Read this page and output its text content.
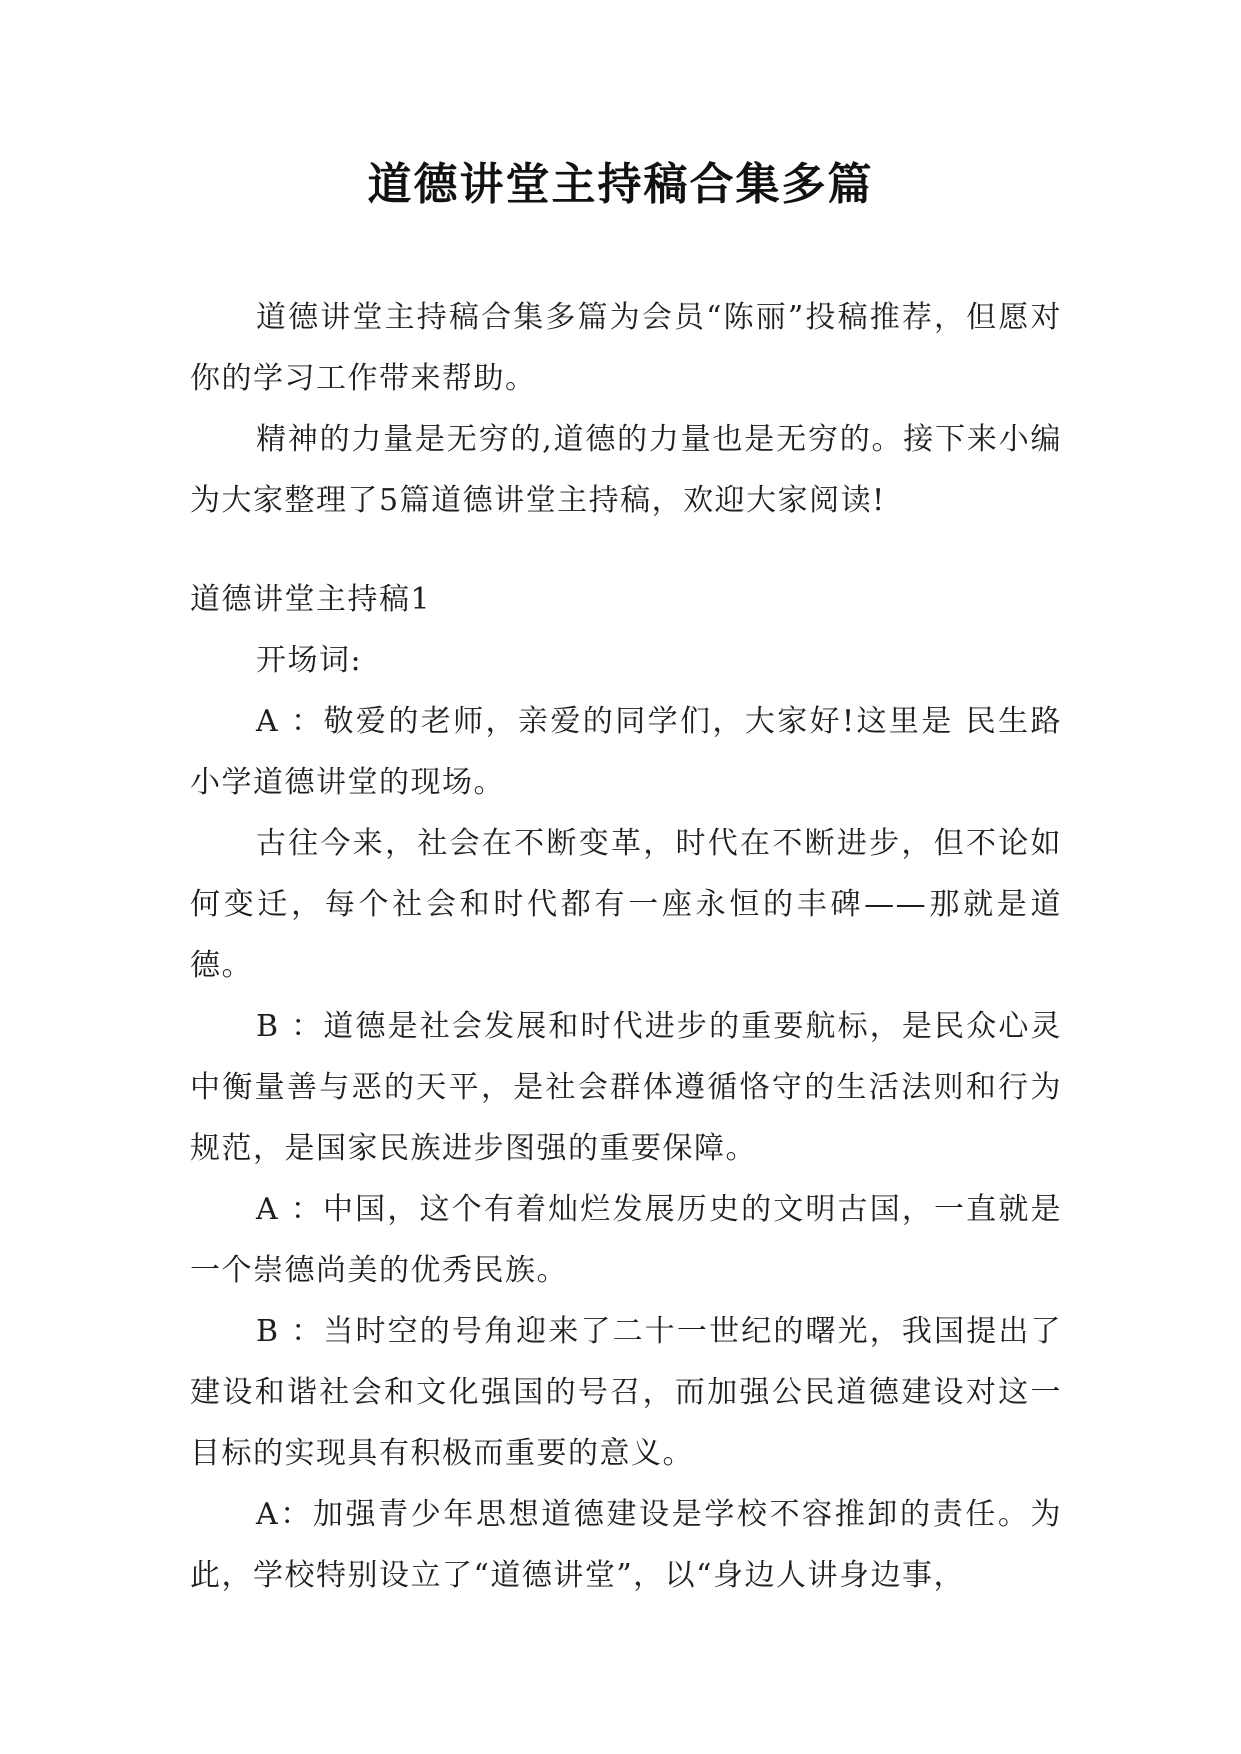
道德讲堂主持稿合集多篇

道德讲堂主持稿合集多篇为会员“陈丽”投稿推荐，但愿对你的学习工作带来帮助。

精神的力量是无穷的,道德的力量也是无穷的。接下来小编为大家整理了5篇道德讲堂主持稿，欢迎大家阅读!

道德讲堂主持稿1

开场词:

A ：敬爱的老师，亲爱的同学们，大家好!这里是 民生路小学道德讲堂的现场。

古往今来，社会在不断变革，时代在不断进步，但不论如何变迁，每个社会和时代都有一座永恒的丰碑——那就是道德。

B ：道德是社会发展和时代进步的重要航标，是民众心灵中衡量善与恶的天平，是社会群体遵循恪守的生活法则和行为规范，是国家民族进步图强的重要保障。

A ：中国，这个有着灿烂发展历史的文明古国，一直就是一个崇德尚美的优秀民族。

B ：当时空的号角迎来了二十一世纪的曙光，我国提出了建设和谐社会和文化强国的号召，而加强公民道德建设对这一目标的实现具有积极而重要的意义。

A：加强青少年思想道德建设是学校不容推卸的责任。为此，学校特别设立了“道德讲堂”，以“身边人讲身边事，
